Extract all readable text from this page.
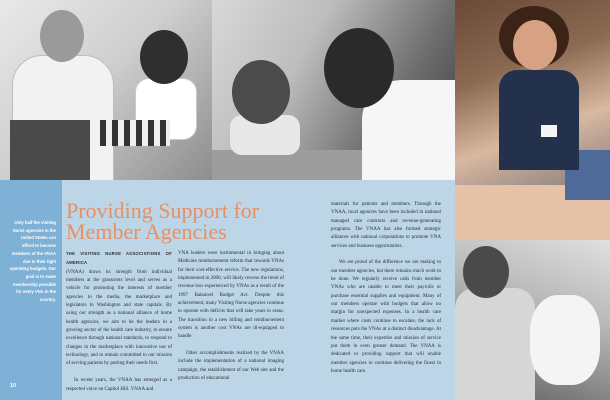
Only half the Visiting Nurse agencies in the United States can afford to become members of the VNAA due to their tight operating budgets. Our goal is to make membership possible for every VNA in the country.
10
Providing Support for Member Agencies

THE VISITING NURSE ASSOCIATIONS OF AMERICA
(VNAA) draws its strength from individual members at the grassroots level and serves as a vehicle for promoting the interests of member agencies to the media, the marketplace and legislators in Washington and state capitals. By using our strength as a national alliance of home health agencies, we aim to be the leaders in a growing sector of the health care industry, to ensure excellence through national standards, to respond to changes in the marketplace with innovative use of technology, and to remain committed to our mission of serving patients by putting their needs first.

In recent years, the VNAA has emerged as a respected voice on Capitol Hill. VNAA and

VNA leaders were instrumental in bringing about Medicare reimbursement reform that rewards VNAs for their cost-effective service. The new regulations, implemented in 2000, will likely reverse the trend of revenue loss experienced by VNAs as a result of the 1997 Balanced Budget Act. Despite this achievement, many Visiting Nurse agencies continue to operate with deficits that will take years to erase. The transition to a new billing and reimbursement system is another cost VNAs are ill-equipped to handle.

Other accomplishments realized by the VNAA include the implementation of a national imaging campaign, the establishment of our Web site and the production of educational

materials for patients and members. Through the VNAA, local agencies have been included in national managed care contracts and revenue-generating programs. The VNAA has also formed strategic alliances with national corporations to promote VNA services and business opportunities.

We are proud of the difference we are making to our member agencies, but there remains much work to be done. We regularly receive calls from member VNAs who are unable to meet their payrolls or purchase essential supplies and equipment. Many of our members operate with budgets that allow no margin for unexpected expenses. In a health care market where costs continue to escalate, the lack of resources puts the VNAs at a distinct disadvantage. At the same time, their expertise and mission of service put them in even greater demand. The VNAA is dedicated to providing support that will enable member agencies to continue delivering the finest in home health care.
